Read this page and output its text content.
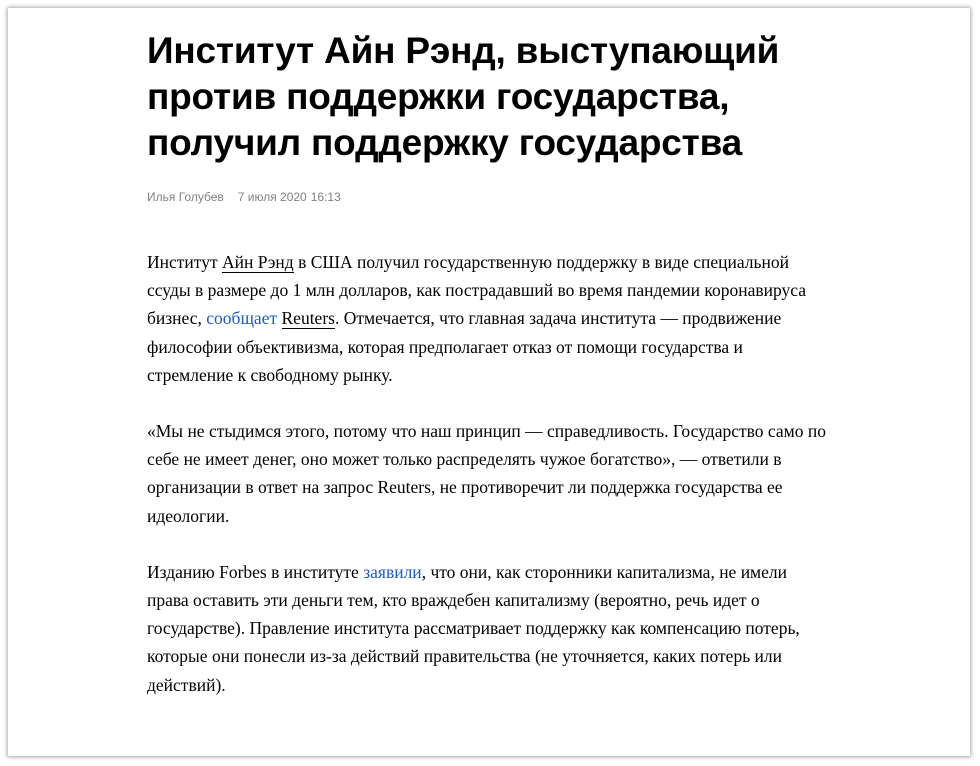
Институт Айн Рэнд, выступающий против поддержки государства, получил поддержку государства
Илья Голубев 7 июля 2020 16:13

Институт Айн Рэнд в США получил государственную поддержку в виде специальной ссуды в размере до 1 млн долларов, как пострадавший во время пандемии коронавируса бизнес, сообщает Reuters. Отмечается, что главная задача института — продвижение философии объективизма, которая предполагает отказ от помощи государства и стремление к свободному рынку.

«Мы не стыдимся этого, потому что наш принцип — справедливость. Государство само по себе не имеет денег, оно может только распределять чужое богатство», — ответили в организации в ответ на запрос Reuters, не противоречит ли поддержка государства ее идеологии.

Изданию Forbes в институте заявили, что они, как сторонники капитализма, не имели права оставить эти деньги тем, кто враждебен капитализму (вероятно, речь идет о государстве). Правление института рассматривает поддержку как компенсацию потерь, которые они понесли из-за действий правительства (не уточняется, каких потерь или действий).
